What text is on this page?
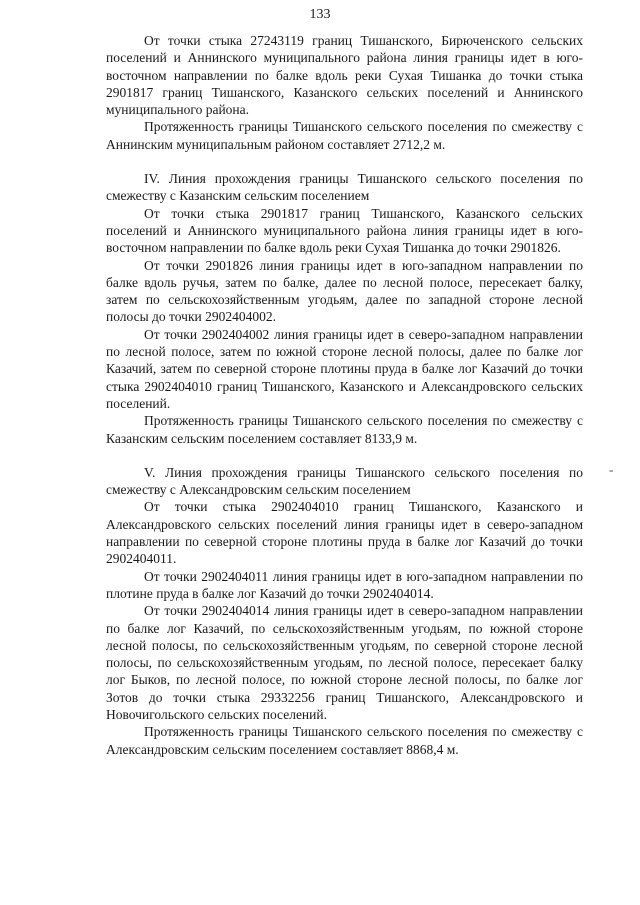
133

От точки стыка 27243119 границ Тишанского, Бирюченского сельских поселений и Аннинского муниципального района линия границы идет в юго-восточном направлении по балке вдоль реки Сухая Тишанка до точки стыка 2901817 границ Тишанского, Казанского сельских поселений и Аннинского муниципального района.

Протяженность границы Тишанского сельского поселения по смежеству с Аннинским муниципальным районом составляет 2712,2 м.

IV. Линия прохождения границы Тишанского сельского поселения по смежеству с Казанским сельским поселением

От точки стыка 2901817 границ Тишанского, Казанского сельских поселений и Аннинского муниципального района линия границы идет в юго-восточном направлении по балке вдоль реки Сухая Тишанка до точки 2901826.

От точки 2901826 линия границы идет в юго-западном направлении по балке вдоль ручья, затем по балке, далее по лесной полосе, пересекает балку, затем по сельскохозяйственным угодьям, далее по западной стороне лесной полосы до точки 2902404002.

От точки 2902404002 линия границы идет в северо-западном направлении по лесной полосе, затем по южной стороне лесной полосы, далее по балке лог Казачий, затем по северной стороне плотины пруда в балке лог Казачий до точки стыка 2902404010 границ Тишанского, Казанского и Александровского сельских поселений.

Протяженность границы Тишанского сельского поселения по смежеству с Казанским сельским поселением составляет 8133,9 м.

V. Линия прохождения границы Тишанского сельского поселения по смежеству с Александровским сельским поселением

От точки стыка 2902404010 границ Тишанского, Казанского и Александровского сельских поселений линия границы идет в северо-западном направлении по северной стороне плотины пруда в балке лог Казачий до точки 2902404011.

От точки 2902404011 линия границы идет в юго-западном направлении по плотине пруда в балке лог Казачий до точки 2902404014.

От точки 2902404014 линия границы идет в северо-западном направлении по балке лог Казачий, по сельскохозяйственным угодьям, по южной стороне лесной полосы, по сельскохозяйственным угодьям, по северной стороне лесной полосы, по сельскохозяйственным угодьям, по лесной полосе, пересекает балку лог Быков, по лесной полосе, по южной стороне лесной полосы, по балке лог Зотов до точки стыка 29332256 границ Тишанского, Александровского и Новочигольского сельских поселений.

Протяженность границы Тишанского сельского поселения по смежеству с Александровским сельским поселением составляет 8868,4 м.

-
